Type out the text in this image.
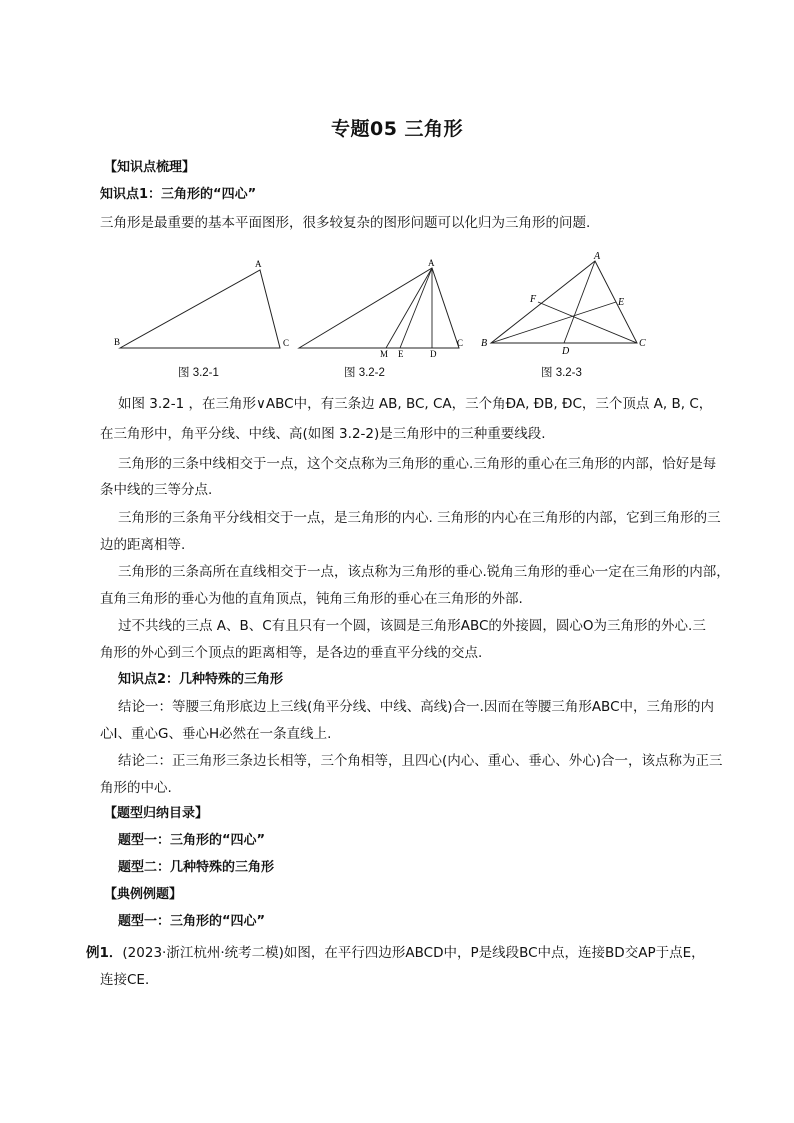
专题05 三角形
【知识点梳理】
知识点1：三角形的“四心”
三角形是最重要的基本平面图形，很多较复杂的图形问题可以化归为三角形的问题.
A
B	C
图 3.2-1
A
M E	D
C
图 3.2-2
A
B	C
D
E
F
图 3.2-3
如图 3.2-1 ，在三角形∨ABC中，有三条边 AB, BC, CA，三个角ÐA, ÐB, ÐC，三个顶点 A, B, C，
在三角形中，角平分线、中线、高(如图 3.2-2)是三角形中的三种重要线段.
三角形的三条中线相交于一点，这个交点称为三角形的重心.三角形的重心在三角形的内部，恰好是每
条中线的三等分点.
三角形的三条角平分线相交于一点，是三角形的内心. 三角形的内心在三角形的内部，它到三角形的三
边的距离相等.
三角形的三条高所在直线相交于一点，该点称为三角形的垂心.锐角三角形的垂心一定在三角形的内部，
直角三角形的垂心为他的直角顶点，钝角三角形的垂心在三角形的外部.
过不共线的三点 A、B、C有且只有一个圆，该圆是三角形ABC的外接圆，圆心O为三角形的外心.三
角形的外心到三个顶点的距离相等，是各边的垂直平分线的交点.
知识点2：几种特殊的三角形
结论一：等腰三角形底边上三线(角平分线、中线、高线)合一.因而在等腰三角形ABC中，三角形的内
心I、重心G、垂心H必然在一条直线上.
结论二：正三角形三条边长相等，三个角相等，且四心(内心、重心、垂心、外心)合一，该点称为正三
角形的中心.
【题型归纳目录】
题型一：三角形的“四心”
题型二：几种特殊的三角形
【典例例题】
题型一：三角形的“四心”
例1．(2023·浙江杭州·统考二模)如图，在平行四边形ABCD中，P是线段BC中点，连接BD交AP于点E，
连接CE．
